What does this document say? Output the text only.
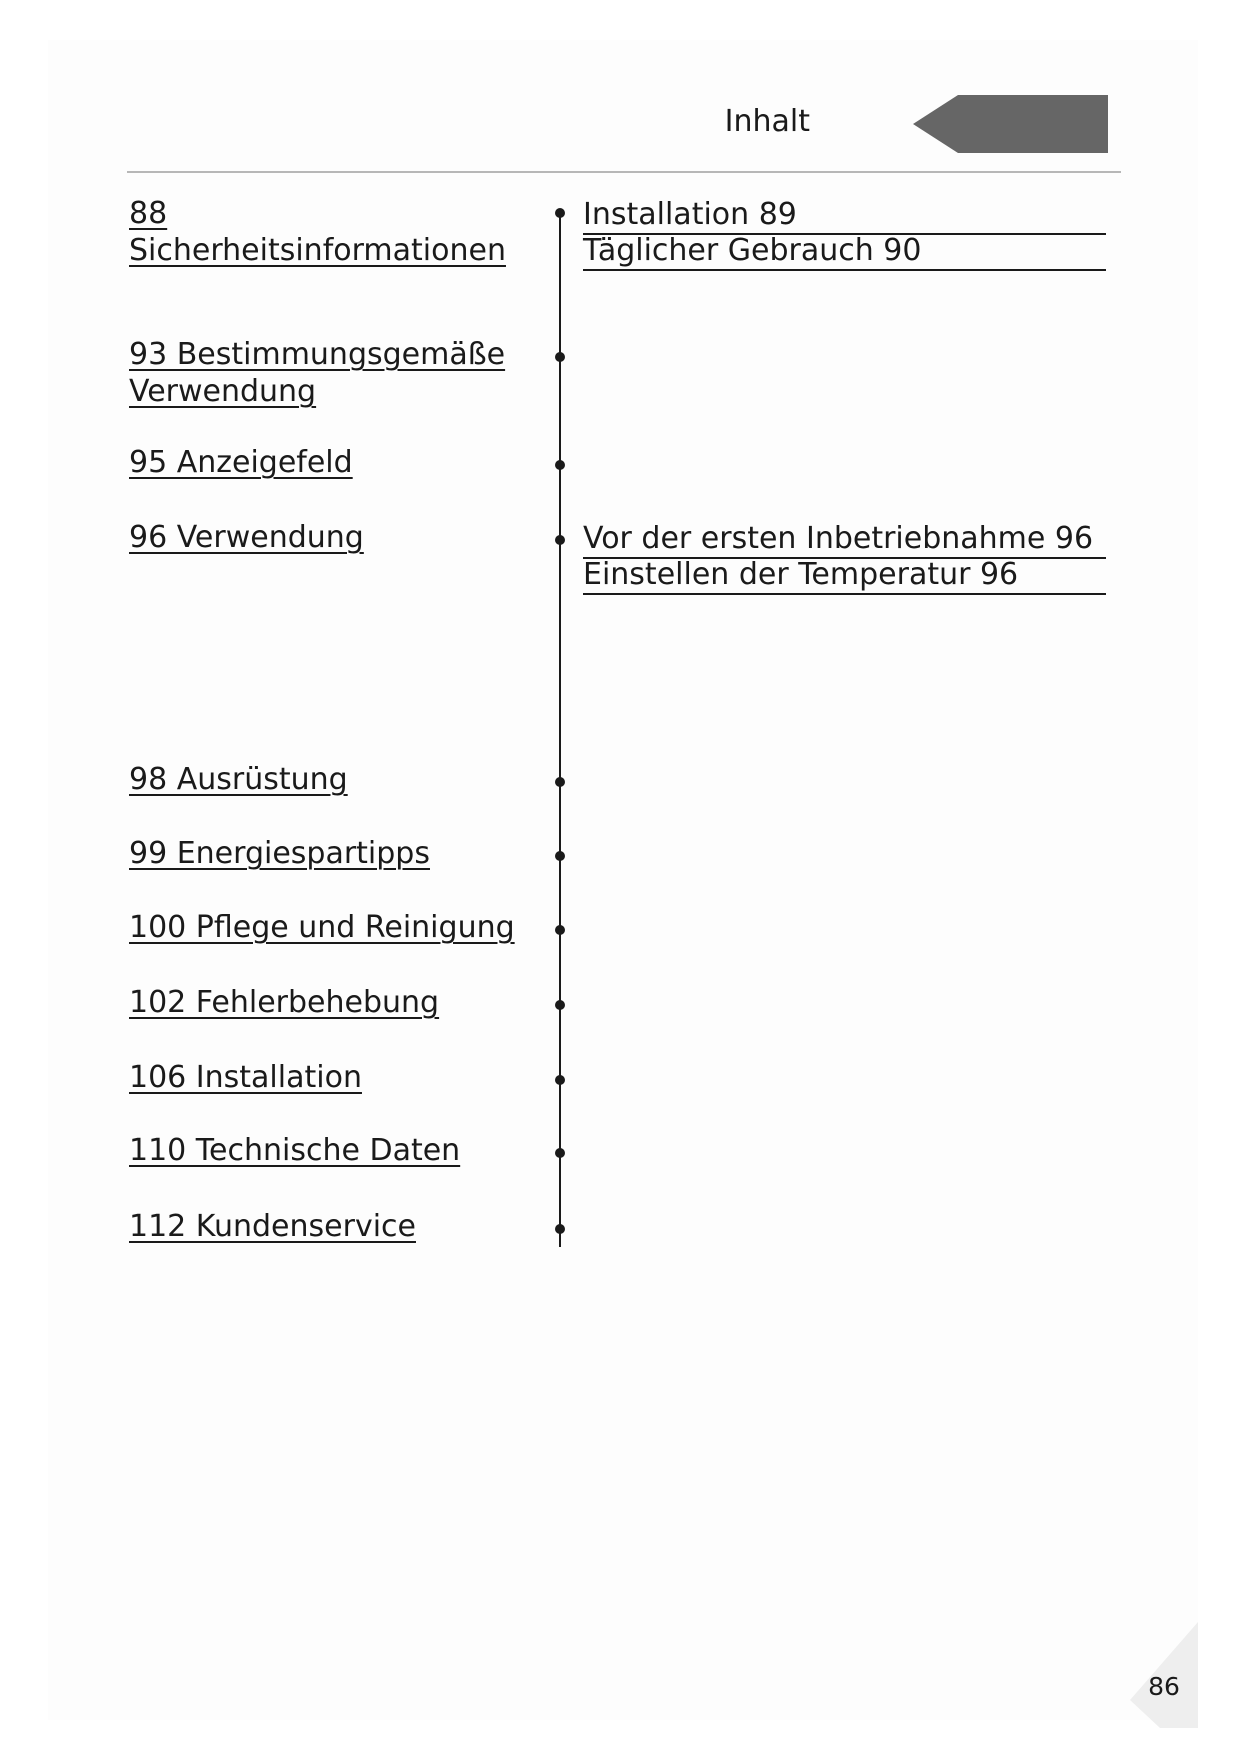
Inhalt
88 Sicherheitsinformationen
93 Bestimmungsgemäße Verwendung
95 Anzeigefeld
96 Verwendung
98 Ausrüstung
99 Energiespartipps
100 Pflege und Reinigung
102 Fehlerbehebung
106 Installation
110 Technische Daten
112 Kundenservice
Installation 89
Täglicher Gebrauch 90
Vor der ersten Inbetriebnahme 96
Einstellen der Temperatur 96
86
